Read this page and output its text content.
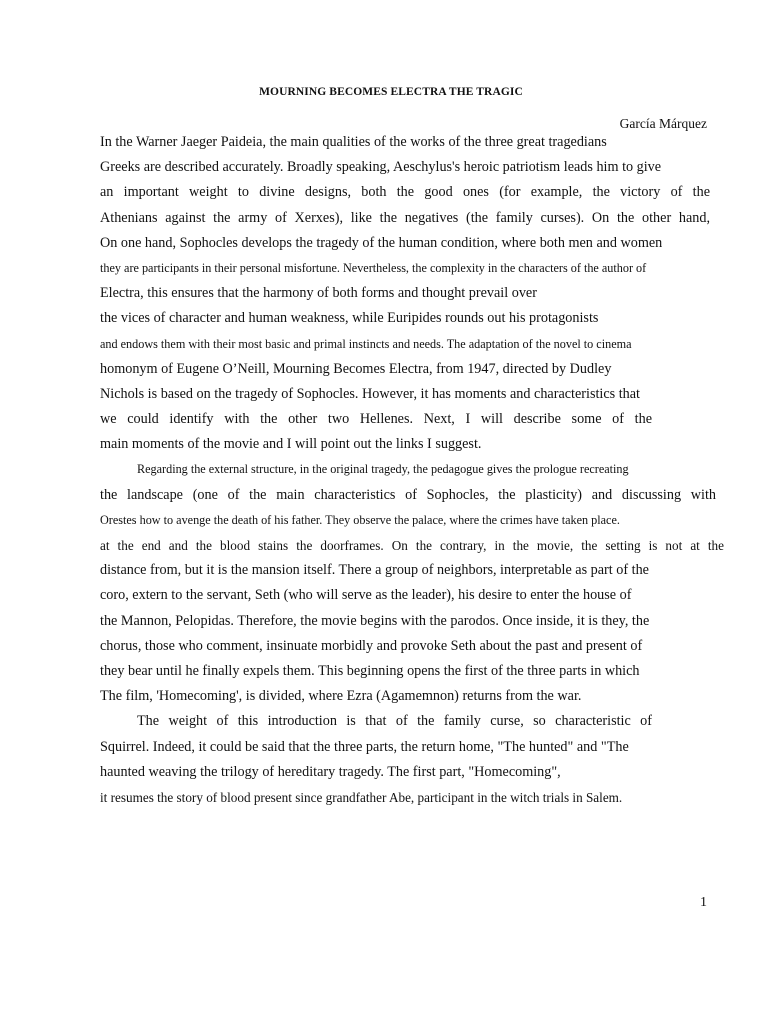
MOURNING BECOMES ELECTRA THE TRAGIC
García Márquez
In the Warner Jaeger Paideia, the main qualities of the works of the three great tragedians
Greeks are described accurately. Broadly speaking, Aeschylus's heroic patriotism leads him to give
an important weight to divine designs, both the good ones (for example, the victory of the
Athenians against the army of Xerxes), like the negatives (the family curses). On the other hand,
On one hand, Sophocles develops the tragedy of the human condition, where both men and women
they are participants in their personal misfortune. Nevertheless, the complexity in the characters of the author of
Electra, this ensures that the harmony of both forms and thought prevail over
the vices of character and human weakness, while Euripides rounds out his protagonists
and endows them with their most basic and primal instincts and needs. The adaptation of the novel to cinema
homonym of Eugene O’Neill, Mourning Becomes Electra, from 1947, directed by Dudley
Nichols is based on the tragedy of Sophocles. However, it has moments and characteristics that
we could identify with the other two Hellenes. Next, I will describe some of the
main moments of the movie and I will point out the links I suggest.
Regarding the external structure, in the original tragedy, the pedagogue gives the prologue recreating
the landscape (one of the main characteristics of Sophocles, the plasticity) and discussing with
Orestes how to avenge the death of his father. They observe the palace, where the crimes have taken place.
at the end and the blood stains the doorframes. On the contrary, in the movie, the setting is not at the
distance from, but it is the mansion itself. There a group of neighbors, interpretable as part of the
coro, extern to the servant, Seth (who will serve as the leader), his desire to enter the house of
the Mannon, Pelopidas. Therefore, the movie begins with the parodos. Once inside, it is they, the
chorus, those who comment, insinuate morbidly and provoke Seth about the past and present of
they bear until he finally expels them. This beginning opens the first of the three parts in which
The film, 'Homecoming', is divided, where Ezra (Agamemnon) returns from the war.
The weight of this introduction is that of the family curse, so characteristic of
Squirrel. Indeed, it could be said that the three parts, the return home, "The hunted" and "The
haunted weaving the trilogy of hereditary tragedy. The first part, "Homecoming",
it resumes the story of blood present since grandfather Abe, participant in the witch trials in Salem.
1
